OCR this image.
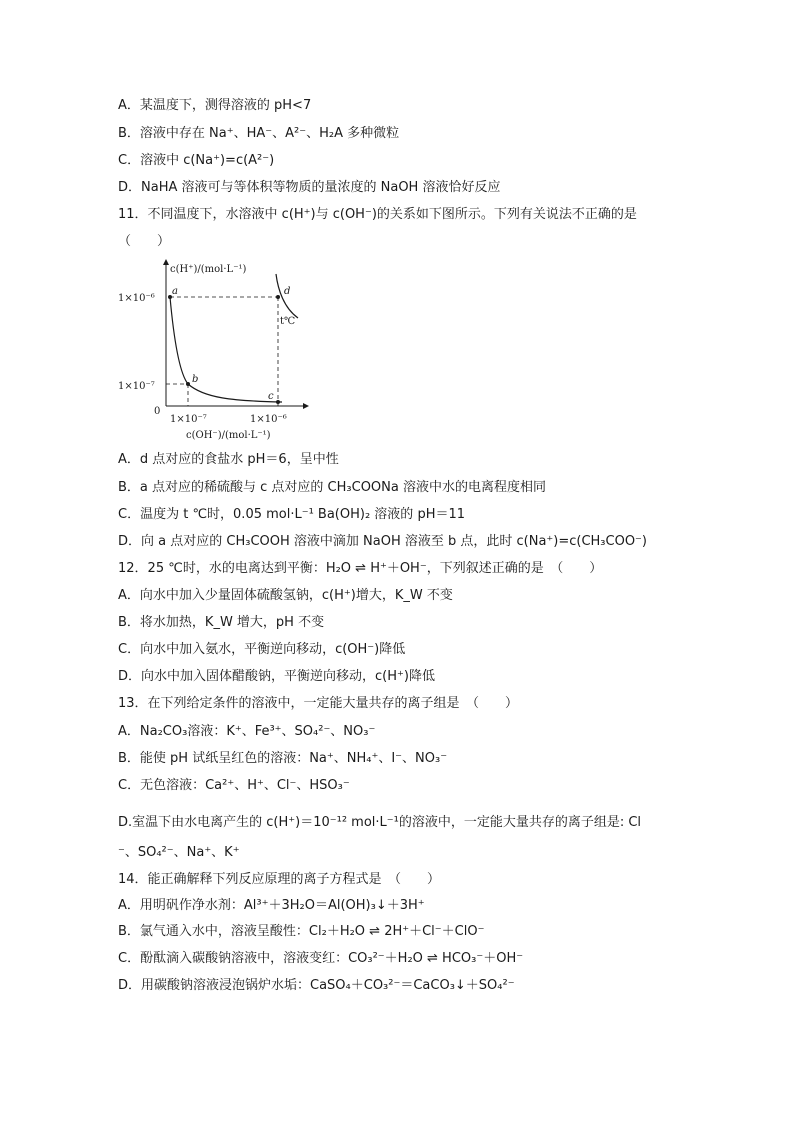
A．某温度下，测得溶液的 pH<7
B．溶液中存在 Na⁺、HA⁻、A²⁻、H₂A 多种微粒
C．溶液中 c(Na⁺)=c(A²⁻)
D．NaHA 溶液可与等体积等物质的量浓度的 NaOH 溶液恰好反应
11．不同温度下，水溶液中 c(H⁺)与 c(OH⁻)的关系如下图所示。下列有关说法不正确的是
（　　）
c(H⁺)/(mol·L⁻¹)
c(OH⁻)/(mol·L⁻¹)
0
1×10⁻⁶
1×10⁻⁷
1×10⁻⁷	1×10⁻⁶
a
b
c
d
t℃
A．d 点对应的食盐水 pH＝6，呈中性
B．a 点对应的稀硫酸与 c 点对应的 CH₃COONa 溶液中水的电离程度相同
C．温度为 t ℃时，0.05 mol·L⁻¹ Ba(OH)₂ 溶液的 pH＝11
D．向 a 点对应的 CH₃COOH 溶液中滴加 NaOH 溶液至 b 点，此时 c(Na⁺)=c(CH₃COO⁻)
12．25 ℃时，水的电离达到平衡：H₂O ⇌ H⁺＋OH⁻，下列叙述正确的是　（　　）
A．向水中加入少量固体硫酸氢钠，c(H⁺)增大，K_W 不变
B．将水加热，K_W 增大，pH 不变
C．向水中加入氨水，平衡逆向移动，c(OH⁻)降低
D．向水中加入固体醋酸钠，平衡逆向移动，c(H⁺)降低
13．在下列给定条件的溶液中，一定能大量共存的离子组是　（　　）
A．Na₂CO₃溶液：K⁺、Fe³⁺、SO₄²⁻、NO₃⁻
B．能使 pH 试纸呈红色的溶液：Na⁺、NH₄⁺、I⁻、NO₃⁻
C．无色溶液：Ca²⁺、H⁺、Cl⁻、HSO₃⁻
D.室温下由水电离产生的 c(H⁺)＝10⁻¹² mol·L⁻¹的溶液中，一定能大量共存的离子组是: Cl
⁻、SO₄²⁻、Na⁺、K⁺
14．能正确解释下列反应原理的离子方程式是　（　　）
A．用明矾作净水剂：Al³⁺＋3H₂O＝Al(OH)₃↓＋3H⁺
B．氯气通入水中，溶液呈酸性：Cl₂＋H₂O ⇌ 2H⁺＋Cl⁻＋ClO⁻
C．酚酞滴入碳酸钠溶液中，溶液变红：CO₃²⁻＋H₂O ⇌ HCO₃⁻＋OH⁻
D．用碳酸钠溶液浸泡锅炉水垢：CaSO₄＋CO₃²⁻＝CaCO₃↓＋SO₄²⁻
